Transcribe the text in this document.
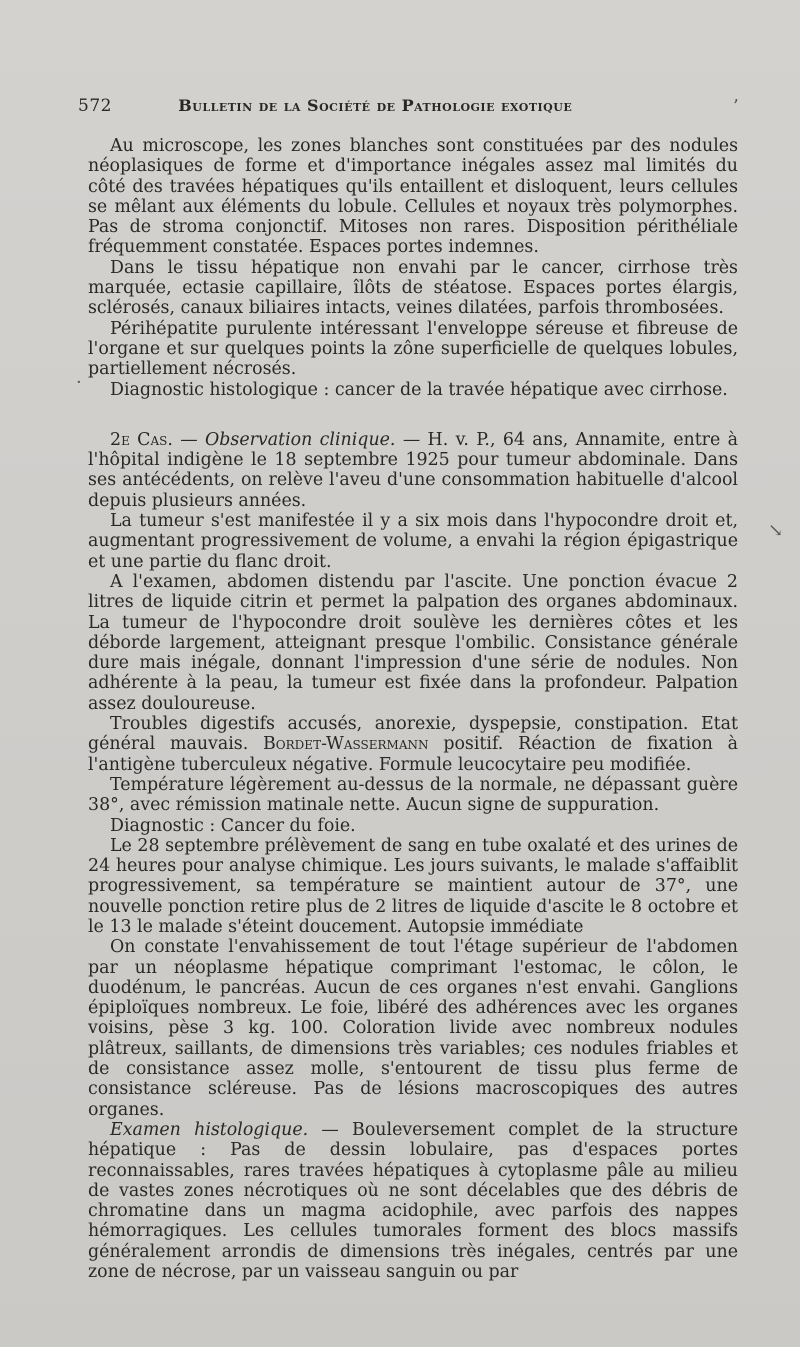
572	Bulletin de la Société de Pathologie exotique	’
·
↘

Au microscope, les zones blanches sont constituées par des nodules néoplasiques de forme et d'importance inégales assez mal limités du côté des travées hépatiques qu'ils entaillent et disloquent, leurs cellules se mêlant aux éléments du lobule. Cellules et noyaux très polymorphes. Pas de stroma conjonctif. Mitoses non rares. Disposition périthéliale fréquemment constatée. Espaces portes indemnes.

Dans le tissu hépatique non envahi par le cancer, cirrhose très marquée, ectasie capillaire, îlôts de stéatose. Espaces portes élargis, sclérosés, canaux biliaires intacts, veines dilatées, parfois thrombosées.

Périhépatite purulente intéressant l'enveloppe séreuse et fibreuse de l'organe et sur quelques points la zône superficielle de quelques lobules, partiellement nécrosés.

Diagnostic histologique : cancer de la travée hépatique avec cirrhose.

2e Cas. — Observation clinique. — H. v. P., 64 ans, Annamite, entre à l'hôpital indigène le 18 septembre 1925 pour tumeur abdominale. Dans ses antécédents, on relève l'aveu d'une consommation habituelle d'alcool depuis plusieurs années.

La tumeur s'est manifestée il y a six mois dans l'hypocondre droit et, augmentant progressivement de volume, a envahi la région épigastrique et une partie du flanc droit.

A l'examen, abdomen distendu par l'ascite. Une ponction évacue 2 litres de liquide citrin et permet la palpation des organes abdominaux. La tumeur de l'hypocondre droit soulève les dernières côtes et les déborde largement, atteignant presque l'ombilic. Consistance générale dure mais inégale, donnant l'impression d'une série de nodules. Non adhérente à la peau, la tumeur est fixée dans la profondeur. Palpation assez douloureuse.

Troubles digestifs accusés, anorexie, dyspepsie, constipation. Etat général mauvais. Bordet-Wassermann positif. Réaction de fixation à l'antigène tuberculeux négative. Formule leucocytaire peu modifiée.

Température légèrement au-dessus de la normale, ne dépassant guère 38°, avec rémission matinale nette. Aucun signe de suppuration.

Diagnostic : Cancer du foie.

Le 28 septembre prélèvement de sang en tube oxalaté et des urines de 24 heures pour analyse chimique. Les jours suivants, le malade s'affaiblit progressivement, sa température se maintient autour de 37°, une nouvelle ponction retire plus de 2 litres de liquide d'ascite le 8 octobre et le 13 le malade s'éteint doucement. Autopsie immédiate

On constate l'envahissement de tout l'étage supérieur de l'abdomen par un néoplasme hépatique comprimant l'estomac, le côlon, le duodénum, le pancréas. Aucun de ces organes n'est envahi. Ganglions épiploïques nombreux. Le foie, libéré des adhérences avec les organes voisins, pèse 3 kg. 100. Coloration livide avec nombreux nodules plâtreux, saillants, de dimensions très variables; ces nodules friables et de consistance assez molle, s'entourent de tissu plus ferme de consistance scléreuse. Pas de lésions macroscopiques des autres organes.

Examen histologique. — Bouleversement complet de la structure hépatique : Pas de dessin lobulaire, pas d'espaces portes reconnaissables, rares travées hépatiques à cytoplasme pâle au milieu de vastes zones nécrotiques où ne sont décelables que des débris de chromatine dans un magma acidophile, avec parfois des nappes hémorragiques. Les cellules tumorales forment des blocs massifs généralement arrondis de dimensions très inégales, centrés par une zone de nécrose, par un vaisseau sanguin ou par
